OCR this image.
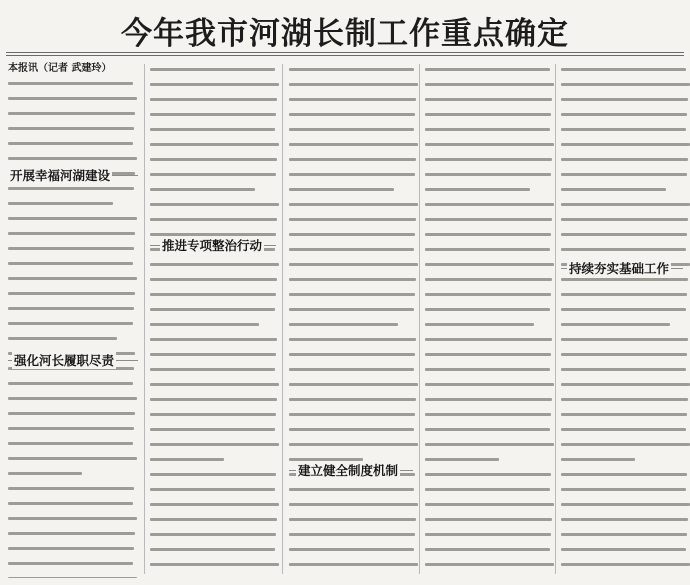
今年我市河湖长制工作重点确定
本报讯（记者 武建玲）
开展幸福河湖建设
强化河长履职尽责
推进专项整治行动
建立健全制度机制
持续夯实基础工作
